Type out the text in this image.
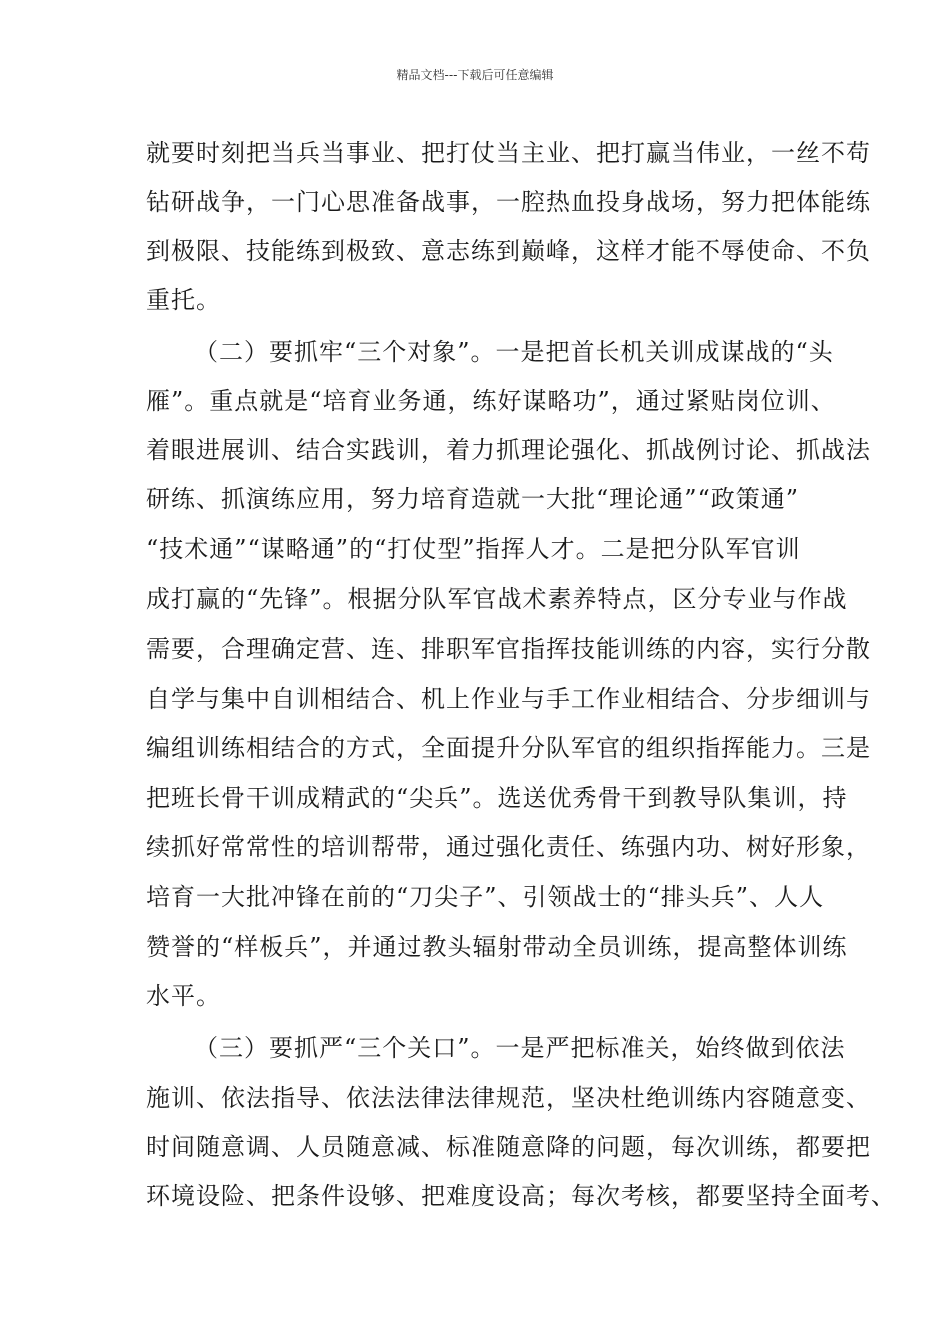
精品文档---下载后可任意编辑
就要时刻把当兵当事业、把打仗当主业、把打赢当伟业，一丝不苟
钻研战争，一门心思准备战事，一腔热血投身战场，努力把体能练
到极限、技能练到极致、意志练到巅峰，这样才能不辱使命、不负
重托。
（二）要抓牢“三个对象”。一是把首长机关训成谋战的“头
雁”。重点就是“培育业务通，练好谋略功”，通过紧贴岗位训、
着眼进展训、结合实践训，着力抓理论强化、抓战例讨论、抓战法
研练、抓演练应用，努力培育造就一大批“理论通”“政策通”
“技术通”“谋略通”的“打仗型”指挥人才。二是把分队军官训
成打赢的“先锋”。根据分队军官战术素养特点，区分专业与作战
需要，合理确定营、连、排职军官指挥技能训练的内容，实行分散
自学与集中自训相结合、机上作业与手工作业相结合、分步细训与
编组训练相结合的方式，全面提升分队军官的组织指挥能力。三是
把班长骨干训成精武的“尖兵”。选送优秀骨干到教导队集训，持
续抓好常常性的培训帮带，通过强化责任、练强内功、树好形象，
培育一大批冲锋在前的“刀尖子”、引领战士的“排头兵”、人人
赞誉的“样板兵”，并通过教头辐射带动全员训练，提高整体训练
水平。
（三）要抓严“三个关口”。一是严把标准关，始终做到依法
施训、依法指导、依法法律法律规范，坚决杜绝训练内容随意变、
时间随意调、人员随意减、标准随意降的问题，每次训练，都要把
环境设险、把条件设够、把难度设高；每次考核，都要坚持全面考、
